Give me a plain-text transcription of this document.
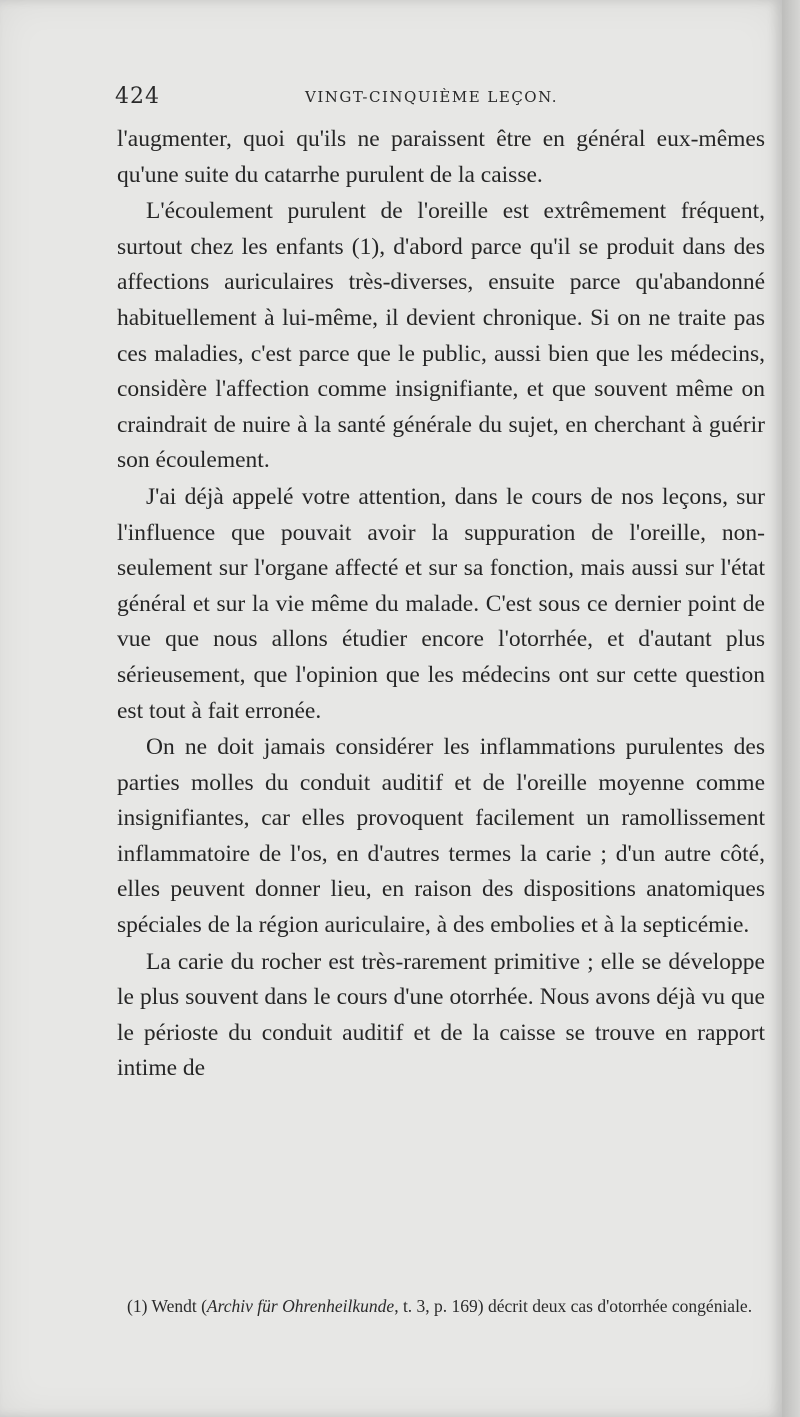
424	VINGT-CINQUIÈME LEÇON.

l'augmenter, quoi qu'ils ne paraissent être en général eux-mêmes qu'une suite du catarrhe purulent de la caisse.

L'écoulement purulent de l'oreille est extrêmement fréquent, surtout chez les enfants (1), d'abord parce qu'il se produit dans des affections auriculaires très-diverses, ensuite parce qu'abandonné habituellement à lui-même, il devient chronique. Si on ne traite pas ces maladies, c'est parce que le public, aussi bien que les médecins, considère l'affection comme insignifiante, et que souvent même on craindrait de nuire à la santé générale du sujet, en cherchant à guérir son écoulement.

J'ai déjà appelé votre attention, dans le cours de nos leçons, sur l'influence que pouvait avoir la suppuration de l'oreille, non-seulement sur l'organe affecté et sur sa fonction, mais aussi sur l'état général et sur la vie même du malade. C'est sous ce dernier point de vue que nous allons étudier encore l'otorrhée, et d'autant plus sérieusement, que l'opinion que les médecins ont sur cette question est tout à fait erronée.

On ne doit jamais considérer les inflammations purulentes des parties molles du conduit auditif et de l'oreille moyenne comme insignifiantes, car elles provoquent facilement un ramollissement inflammatoire de l'os, en d'autres termes la carie ; d'un autre côté, elles peuvent donner lieu, en raison des dispositions anatomiques spéciales de la région auriculaire, à des embolies et à la septicémie.

La carie du rocher est très-rarement primitive ; elle se développe le plus souvent dans le cours d'une otorrhée. Nous avons déjà vu que le périoste du conduit auditif et de la caisse se trouve en rapport intime de

(1) Wendt (Archiv für Ohrenheilkunde, t. 3, p. 169) décrit deux cas d'otorrhée congéniale.
